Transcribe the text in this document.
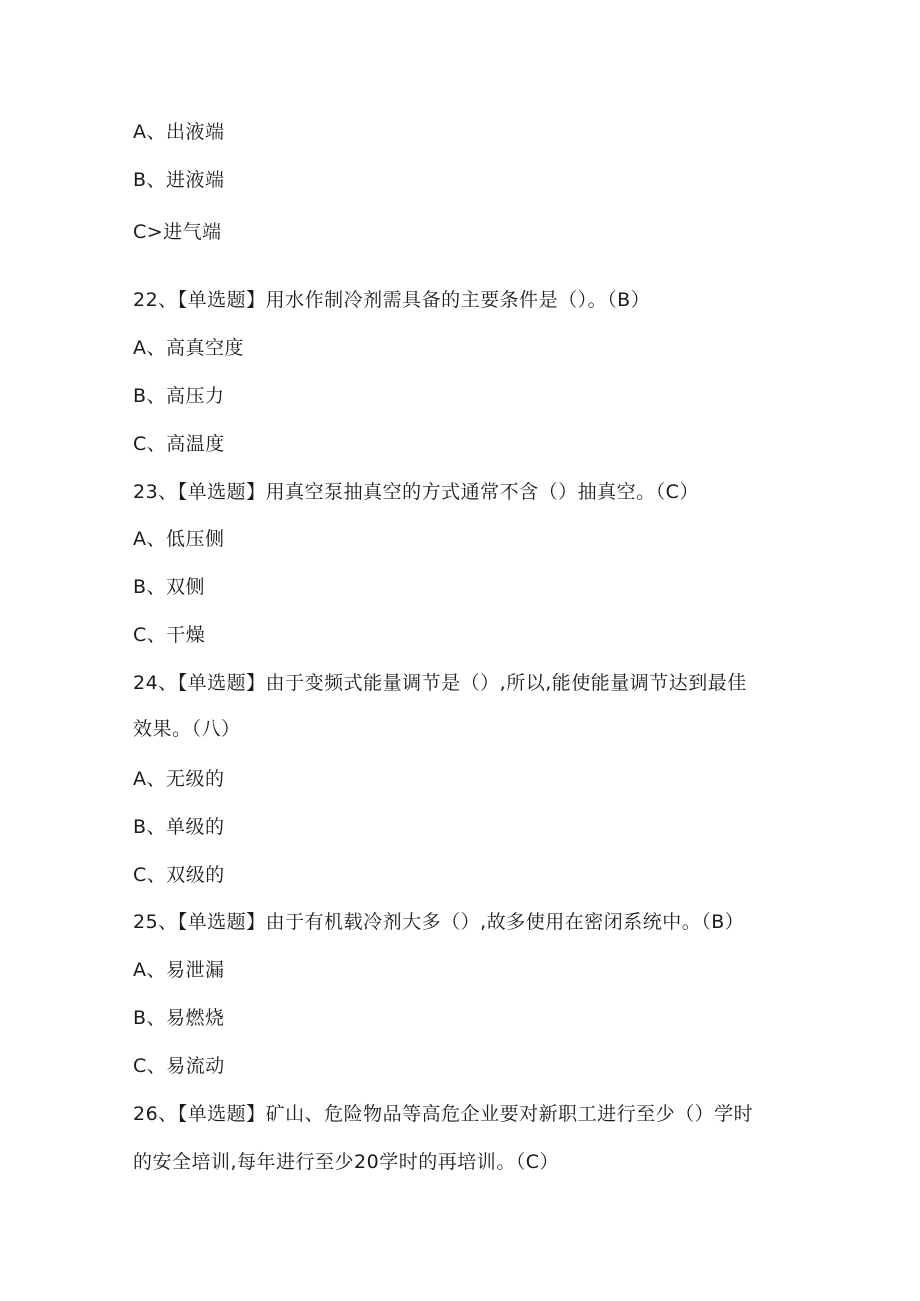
A、出液端
B、进液端
C>进气端
22、【单选题】用水作制冷剂需具备的主要条件是（）。（B）
A、高真空度
B、高压力
C、高温度
23、【单选题】用真空泵抽真空的方式通常不含（）抽真空。（C）
A、低压侧
B、双侧
C、干燥
24、【单选题】由于变频式能量调节是（）,所以,能使能量调节达到最佳
效果。（八）
A、无级的
B、单级的
C、双级的
25、【单选题】由于有机载冷剂大多（）,故多使用在密闭系统中。（B）
A、易泄漏
B、易燃烧
C、易流动
26、【单选题】矿山、危险物品等高危企业要对新职工进行至少（）学时
的安全培训,每年进行至少20学时的再培训。（C）
